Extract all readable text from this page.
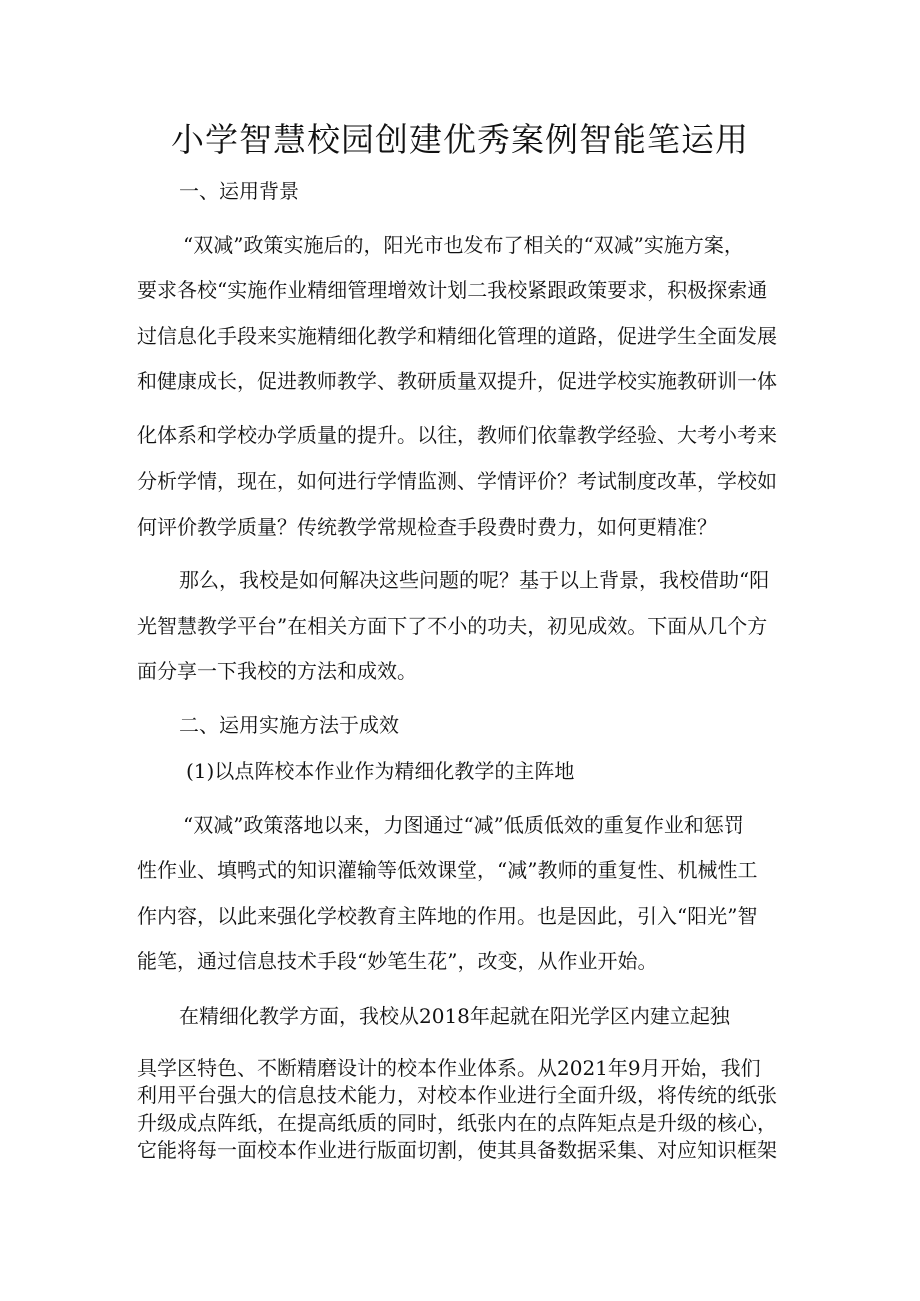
小学智慧校园创建优秀案例智能笔运用

一、运用背景

“双减”政策实施后的，阳光市也发布了相关的“双减”实施方案，

要求各校“实施作业精细管理增效计划二我校紧跟政策要求，积极探索通

过信息化手段来实施精细化教学和精细化管理的道路，促进学生全面发展

和健康成长，促进教师教学、教研质量双提升，促进学校实施教研训一体

化体系和学校办学质量的提升。以往，教师们依靠教学经验、大考小考来

分析学情，现在，如何进行学情监测、学情评价？考试制度改革，学校如

何评价教学质量？传统教学常规检查手段费时费力，如何更精准？

那么，我校是如何解决这些问题的呢？基于以上背景，我校借助“阳

光智慧教学平台”在相关方面下了不小的功夫，初见成效。下面从几个方

面分享一下我校的方法和成效。

二、运用实施方法于成效

(1)以点阵校本作业作为精细化教学的主阵地

“双减”政策落地以来，力图通过“减”低质低效的重复作业和惩罚

性作业、填鸭式的知识灌输等低效课堂，“减”教师的重复性、机械性工

作内容，以此来强化学校教育主阵地的作用。也是因此，引入“阳光”智

能笔，通过信息技术手段“妙笔生花”，改变，从作业开始。

在精细化教学方面，我校从2018年起就在阳光学区内建立起独

具学区特色、不断精磨设计的校本作业体系。从2021年9月开始，我们

利用平台强大的信息技术能力，对校本作业进行全面升级，将传统的纸张

升级成点阵纸，在提高纸质的同时，纸张内在的点阵矩点是升级的核心，

它能将每一面校本作业进行版面切割，使其具备数据采集、对应知识框架
